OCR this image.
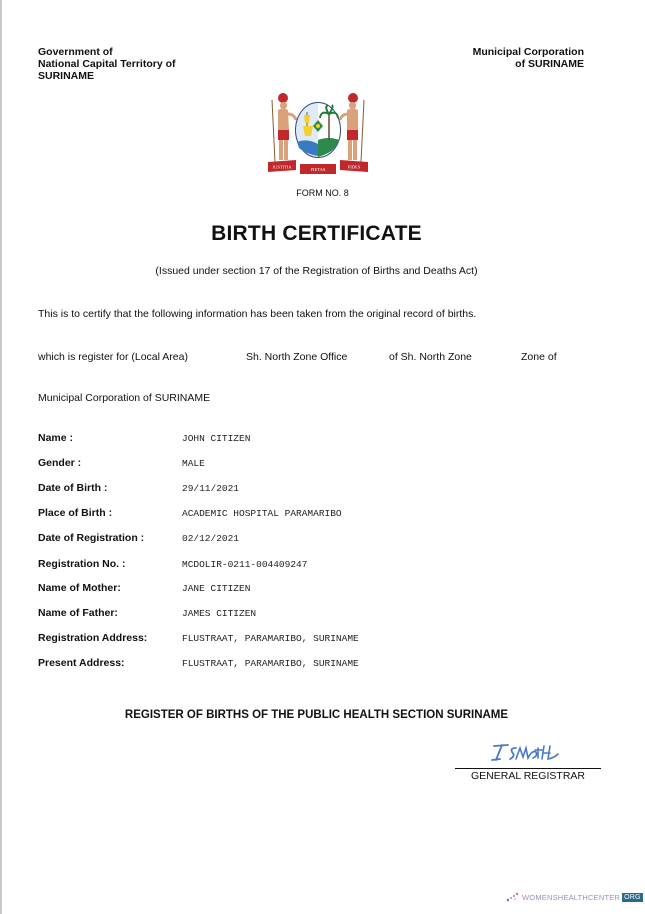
Government of
National Capital Territory of
SURINAME
Municipal Corporation
of SURINAME
JUSTITIA	PIETAS	FIDES
FORM NO. 8
BIRTH CERTIFICATE
(Issued under section 17 of the Registration of Births and Deaths Act)
This is to certify that the following information has been taken from the original record of births.
which is register for (Local Area)	Sh. North Zone Office	of Sh. North Zone	Zone of
Municipal Corporation of SURINAME
Name :	JOHN CITIZEN
Gender :	MALE
Date of Birth :	29/11/2021
Place of Birth :	ACADEMIC HOSPITAL PARAMARIBO
Date of Registration :	02/12/2021
Registration No. :	MCDOLIR-0211-004409247
Name of Mother:	JANE CITIZEN
Name of Father:	JAMES CITIZEN
Registration Address:	FLUSTRAAT, PARAMARIBO, SURINAME
Present Address:	FLUSTRAAT, PARAMARIBO, SURINAME
REGISTER OF BIRTHS OF THE PUBLIC HEALTH SECTION SURINAME
GENERAL REGISTRAR
WOMENSHEALTHCENTER ORG
